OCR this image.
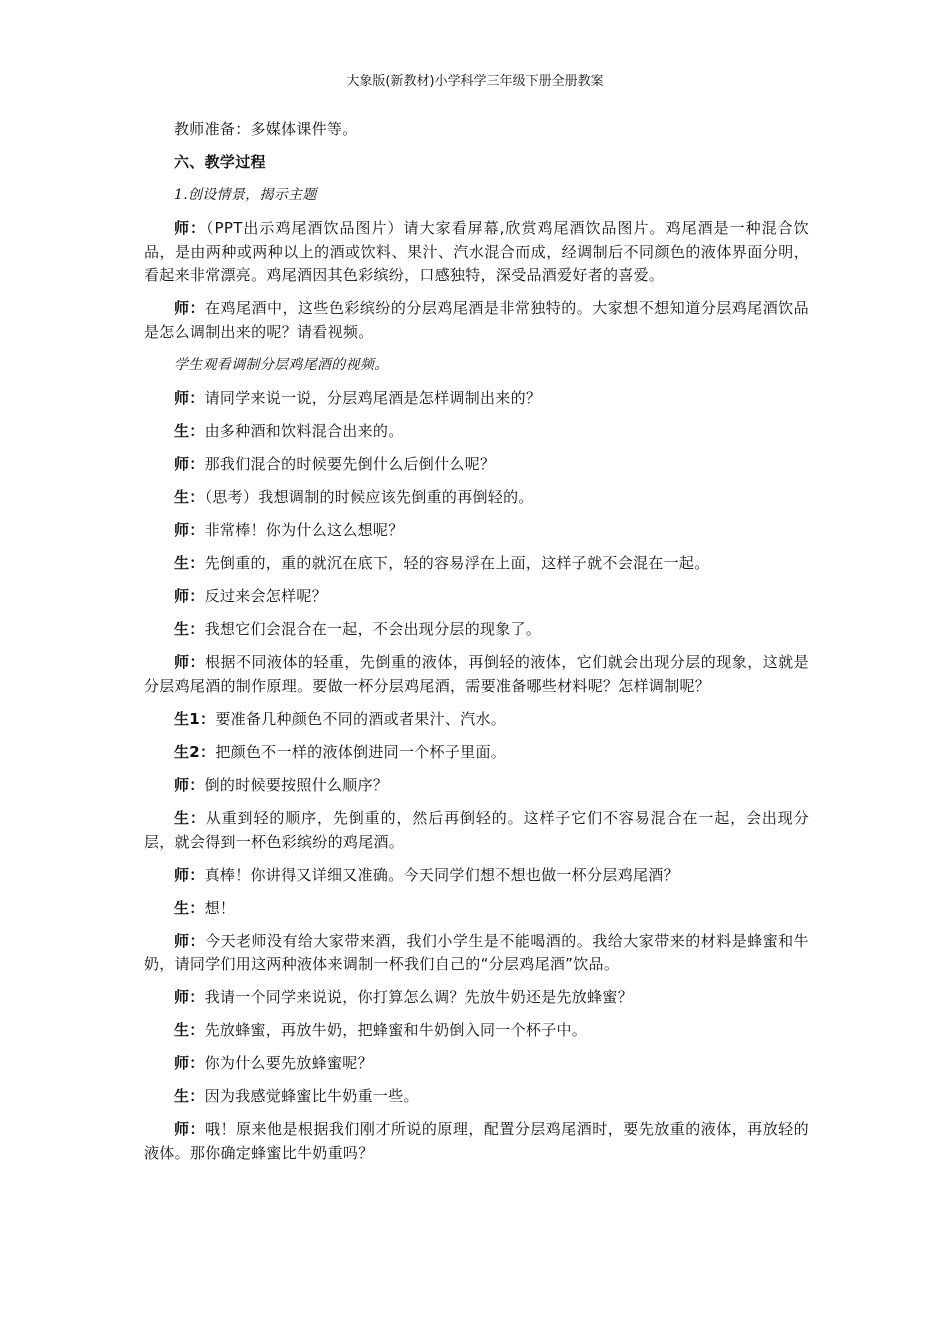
大象版(新教材)小学科学三年级下册全册教案

教师准备：多媒体课件等。

六、教学过程

1.创设情景，揭示主题

师：（PPT出示鸡尾酒饮品图片）请大家看屏幕,欣赏鸡尾酒饮品图片。鸡尾酒是一种混合饮品，是由两种或两种以上的酒或饮料、果汁、汽水混合而成，经调制后不同颜色的液体界面分明，看起来非常漂亮。鸡尾酒因其色彩缤纷，口感独特，深受品酒爱好者的喜爱。

师：在鸡尾酒中，这些色彩缤纷的分层鸡尾酒是非常独特的。大家想不想知道分层鸡尾酒饮品是怎么调制出来的呢？请看视频。

学生观看调制分层鸡尾酒的视频。

师：请同学来说一说，分层鸡尾酒是怎样调制出来的？

生：由多种酒和饮料混合出来的。

师：那我们混合的时候要先倒什么后倒什么呢？

生：（思考）我想调制的时候应该先倒重的再倒轻的。

师：非常棒！你为什么这么想呢？

生：先倒重的，重的就沉在底下，轻的容易浮在上面，这样子就不会混在一起。

师：反过来会怎样呢？

生：我想它们会混合在一起，不会出现分层的现象了。

师：根据不同液体的轻重，先倒重的液体，再倒轻的液体，它们就会出现分层的现象，这就是分层鸡尾酒的制作原理。要做一杯分层鸡尾酒，需要准备哪些材料呢？怎样调制呢？

生1：要准备几种颜色不同的酒或者果汁、汽水。

生2：把颜色不一样的液体倒进同一个杯子里面。

师：倒的时候要按照什么顺序？

生：从重到轻的顺序，先倒重的，然后再倒轻的。这样子它们不容易混合在一起，会出现分层，就会得到一杯色彩缤纷的鸡尾酒。

师：真棒！你讲得又详细又准确。今天同学们想不想也做一杯分层鸡尾酒？

生：想！

师：今天老师没有给大家带来酒，我们小学生是不能喝酒的。我给大家带来的材料是蜂蜜和牛奶，请同学们用这两种液体来调制一杯我们自己的“分层鸡尾酒”饮品。

师：我请一个同学来说说，你打算怎么调？先放牛奶还是先放蜂蜜？

生：先放蜂蜜，再放牛奶，把蜂蜜和牛奶倒入同一个杯子中。

师：你为什么要先放蜂蜜呢？

生：因为我感觉蜂蜜比牛奶重一些。

师：哦！原来他是根据我们刚才所说的原理，配置分层鸡尾酒时，要先放重的液体，再放轻的液体。那你确定蜂蜜比牛奶重吗？
